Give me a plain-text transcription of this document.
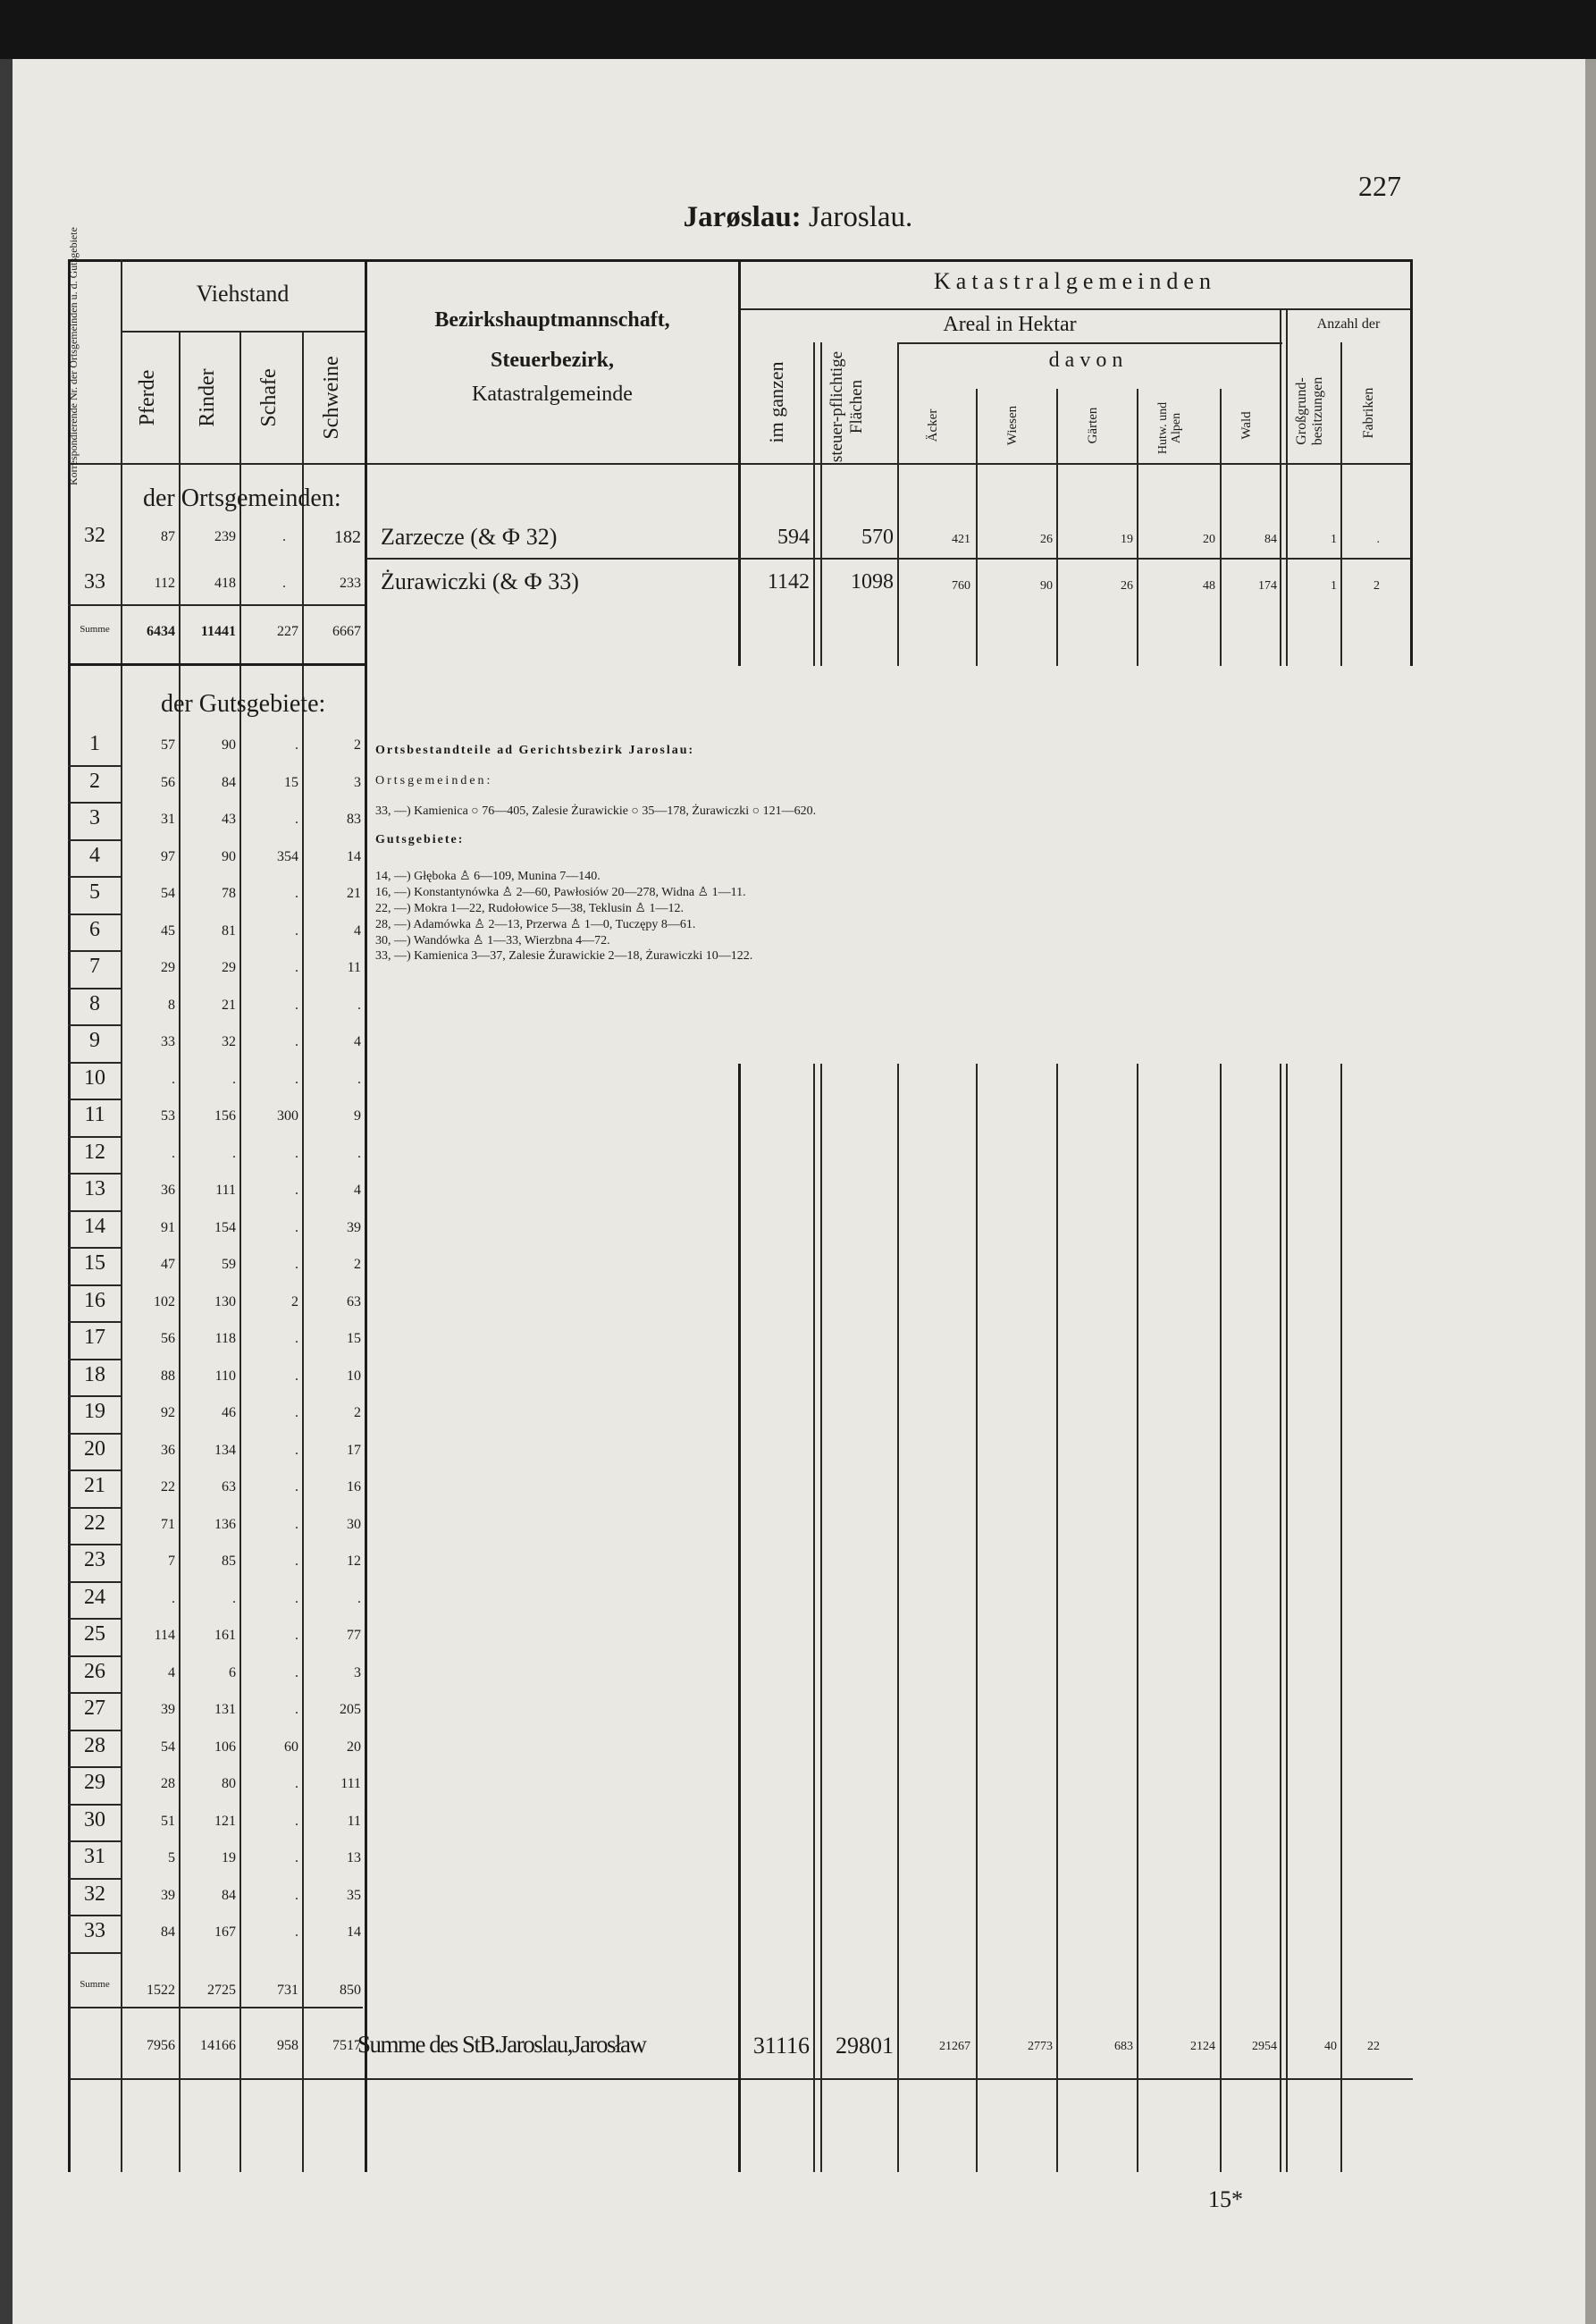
227
Jarøslau: Jaroslau.
Korrespondierende Nr. der Ortsgemeinden u. d. Gutsgebiete	Viehstand
Pferde Rinder Schafe Schweine
Bezirkshauptmannschaft,
Steuerbezirk,
Katastralgemeinde
Katastralgemeinden
Areal in Hektar	Anzahl der
im ganzen steuer-pflichtige Flächen
davon
Äcker	Wiesen	Gärten	Hutw. und Alpen	Wald	Großgrund-besitzungen	Fabriken
der Ortsgemeinden:
32	87	239	.	182 Zarzecze (& Ф 32)	594	570	421	26	19	20	84	1	.
33	112	418	.	233 Żurawiczki (& Ф 33)	1142	1098	760	90	26	48	174	1	2
Summe	6434	11441	227	6667
der Gutsgebiete:
1	57	90	.	2
2	56	84	15	3
3	31	43	.	83
4	97	90	354	14
5	54	78	.	21
6	45	81	.	4
7	29	29	.	11
8	8	21	.	.
9	33	32	.	4
10	.	.	.	.
11	53	156	300	9
12	.	.	.	.
13	36	111	.	4
14	91	154	.	39
15	47	59	.	2
16	102	130	2	63
17	56	118	.	15
18	88	110	.	10
19	92	46	.	2
20	36	134	.	17
21	22	63	.	16
22	71	136	.	30
23	7	85	.	12
24	.	.	.	.
25	114	161	.	77
26	4	6	.	3
27	39	131	.	205
28	54	106	60	20
29	28	80	.	111
30	51	121	.	11
31	5	19	.	13
32	39	84	.	35
33	84	167	.	14
Summe	1522	2725	731	850
7956	14166	958	7517
Summe des StB.Jaroslau,Jarosław	31116	29801	21267	2773	683	2124	2954	40	22
Ortsbestandteile ad Gerichtsbezirk Jaroslau:
Ortsgemeinden:
33, —) Kamienica ○ 76—405, Zalesie Żurawickie ○ 35—178, Żurawiczki ○ 121—620.
Gutsgebiete:
14, —) Głęboka ♙ 6—109, Munina 7—140.
16, —) Konstantynówka ♙ 2—60, Pawłosiów 20—278, Widna ♙ 1—11.
22, —) Mokra 1—22, Rudołowice 5—38, Teklusin ♙ 1—12.
28, —) Adamówka ♙ 2—13, Przerwa ♙ 1—0, Tuczępy 8—61.
30, —) Wandówka ♙ 1—33, Wierzbna 4—72.
33, —) Kamienica 3—37, Zalesie Żurawickie 2—18, Żurawiczki 10—122.
15*
